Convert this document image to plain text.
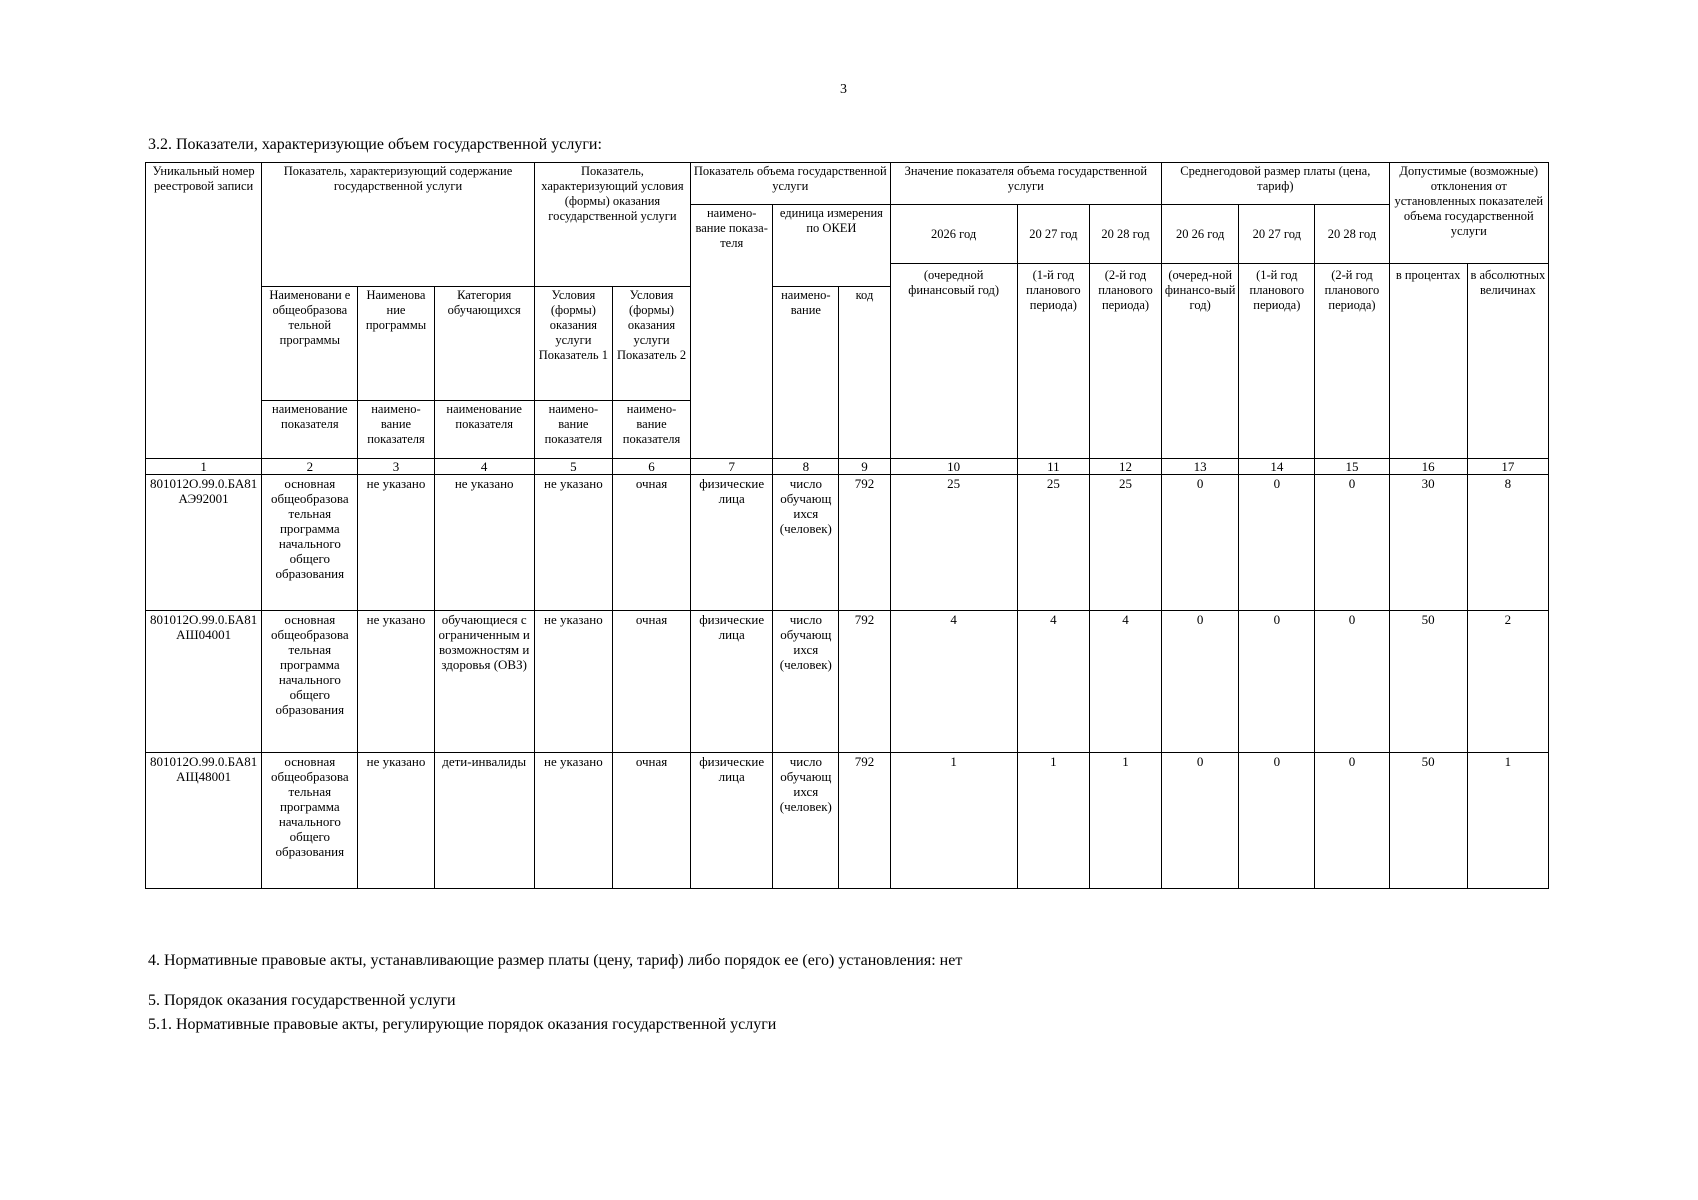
3
3.2. Показатели, характеризующие объем государственной услуги:
Уникальный номер реестровой записи	Показатель, характеризующий содержание государственной услуги			Показатель, характеризующий условия (формы) оказания государственной услуги		Показатель объема государственной услуги			Значение показателя объема государственной услуги			Среднегодовой размер платы (цена, тариф)			Допустимые (возможные) отклонения от установленных показателей объема государственной услуги	
						наимено-вание показа-теля	единица измерения по ОКЕИ		2026 год	20 27 год	20 28 год	20 26 год	20 27 год	20 28 год		

									(очередной финансовый год)	(1-й год планового периода)	(2-й год планового периода)	(очеред-ной финансо-вый год)	(1-й год планового периода)	(2-й год планового периода)	в процентах	в абсолютных величинах
	Наименовани е общеобразова тельной программы	Наименова ние программы	Категория обучающихся	Условия (формы) оказания услуги Показатель 1	Условия (формы) оказания услуги Показатель 2		наимено-вание	код								
	наименование показателя	наимено-вание показателя	наименование показателя	наимено-вание показателя	наимено-вание показателя											

1	2	3	4	5	6	7	8	9	10	11	12	13	14	15	16	17
801012О.99.0.БА81АЭ92001	основная общеобразова тельная программа начального общего образования	не указано	не указано	не указано	очная	физические лица	число обучающ ихся (человек)	792	25	25	25	0	0	0	30	8
801012О.99.0.БА81АШ04001	основная общеобразова тельная программа начального общего образования	не указано	обучающиеся с ограниченным и возможностям и здоровья (ОВЗ)	не указано	очная	физические лица	число обучающ ихся (человек)	792	4	4	4	0	0	0	50	2
801012О.99.0.БА81АЩ48001	основная общеобразова тельная программа начального общего образования	не указано	дети-инвалиды	не указано	очная	физические лица	число обучающ ихся (человек)	792	1	1	1	0	0	0	50	1
4. Нормативные правовые акты, устанавливающие размер платы (цену, тариф) либо порядок ее (его) установления: нет
5. Порядок оказания государственной услуги
5.1. Нормативные правовые акты, регулирующие порядок оказания государственной услуги
